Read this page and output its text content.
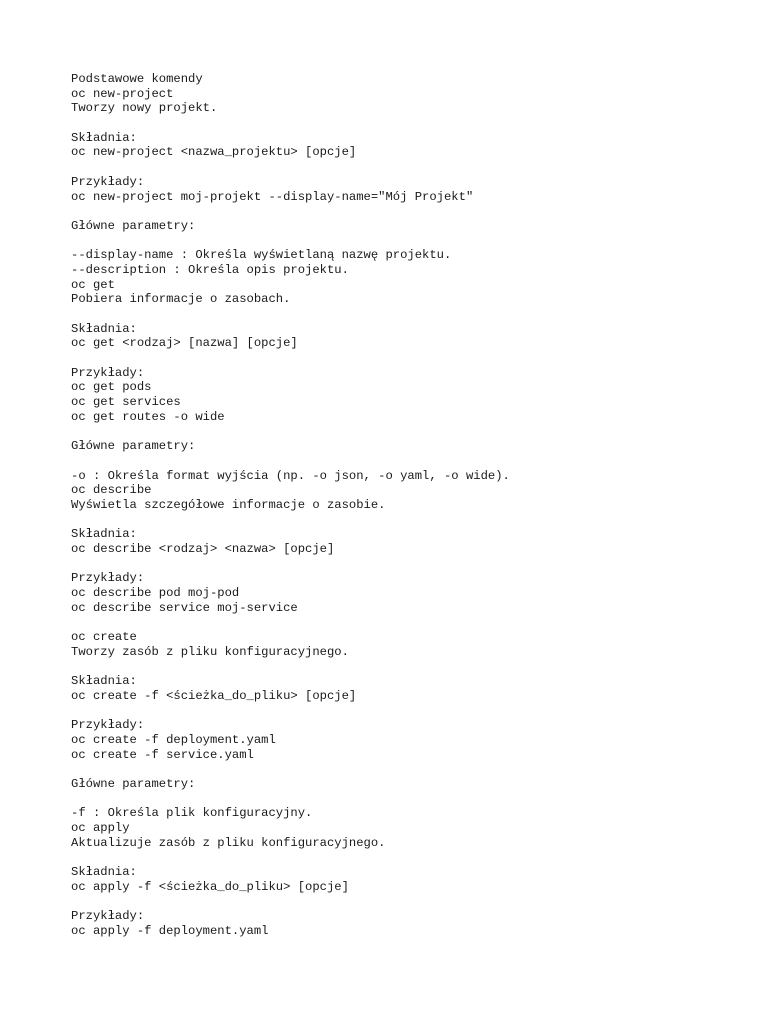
Podstawowe komendy
oc new-project
Tworzy nowy projekt.
Składnia:
oc new-project <nazwa_projektu> [opcje]
Przykłady:
oc new-project moj-projekt --display-name="Mój Projekt"
Główne parametry:
--display-name : Określa wyświetlaną nazwę projektu.
--description : Określa opis projektu.
oc get
Pobiera informacje o zasobach.
Składnia:
oc get <rodzaj> [nazwa] [opcje]
Przykłady:
oc get pods
oc get services
oc get routes -o wide
Główne parametry:
-o : Określa format wyjścia (np. -o json, -o yaml, -o wide).
oc describe
Wyświetla szczegółowe informacje o zasobie.
Składnia:
oc describe <rodzaj> <nazwa> [opcje]
Przykłady:
oc describe pod moj-pod
oc describe service moj-service
oc create
Tworzy zasób z pliku konfiguracyjnego.
Składnia:
oc create -f <ścieżka_do_pliku> [opcje]
Przykłady:
oc create -f deployment.yaml
oc create -f service.yaml
Główne parametry:
-f : Określa plik konfiguracyjny.
oc apply
Aktualizuje zasób z pliku konfiguracyjnego.
Składnia:
oc apply -f <ścieżka_do_pliku> [opcje]
Przykłady:
oc apply -f deployment.yaml
